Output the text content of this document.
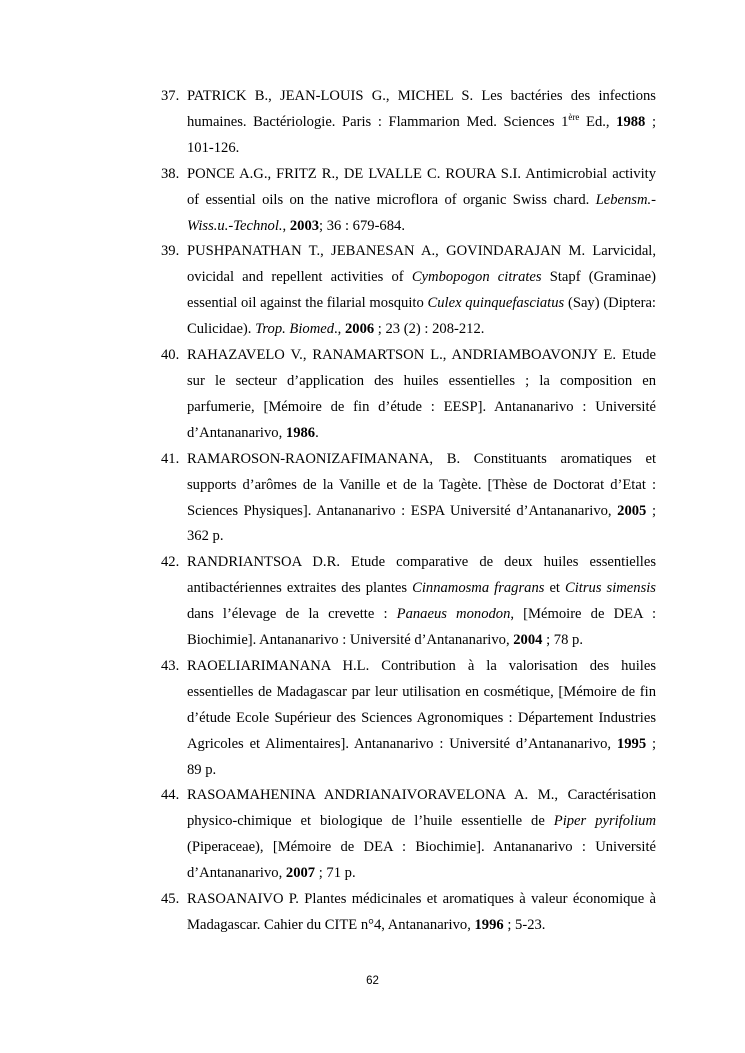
37. PATRICK B., JEAN-LOUIS G., MICHEL S. Les bactéries des infections humaines. Bactériologie. Paris : Flammarion Med. Sciences 1ère Ed., 1988 ; 101-126.
38. PONCE A.G., FRITZ R., DE LVALLE C. ROURA S.I. Antimicrobial activity of essential oils on the native microflora of organic Swiss chard. Lebensm.-Wiss.u.-Technol., 2003; 36 : 679-684.
39. PUSHPANATHAN T., JEBANESAN A., GOVINDARAJAN M. Larvicidal, ovicidal and repellent activities of Cymbopogon citrates Stapf (Graminae) essential oil against the filarial mosquito Culex quinquefasciatus (Say) (Diptera: Culicidae). Trop. Biomed., 2006 ; 23 (2) : 208-212.
40. RAHAZAVELO V., RANAMARTSON L., ANDRIAMBOAVONJY E. Etude sur le secteur d’application des huiles essentielles ; la composition en parfumerie, [Mémoire de fin d’étude : EESP]. Antananarivo : Université d’Antananarivo, 1986.
41. RAMAROSON-RAONIZAFIMANANA, B. Constituants aromatiques et supports d’arômes de la Vanille et de la Tagète. [Thèse de Doctorat d’Etat : Sciences Physiques]. Antananarivo : ESPA Université d’Antananarivo, 2005 ; 362 p.
42. RANDRIANTSOA D.R. Etude comparative de deux huiles essentielles antibactériennes extraites des plantes Cinnamosma fragrans et Citrus simensis dans l’élevage de la crevette : Panaeus monodon, [Mémoire de DEA : Biochimie]. Antananarivo : Université d’Antananarivo, 2004 ; 78 p.
43. RAOELIARIMANANA H.L. Contribution à la valorisation des huiles essentielles de Madagascar par leur utilisation en cosmétique, [Mémoire de fin d’étude Ecole Supérieur des Sciences Agronomiques : Département Industries Agricoles et Alimentaires]. Antananarivo : Université d’Antananarivo, 1995 ; 89 p.
44. RASOAMAHENINA ANDRIANAIVORAVELONA A. M., Caractérisation physico-chimique et biologique de l’huile essentielle de Piper pyrifolium (Piperaceae), [Mémoire de DEA : Biochimie]. Antananarivo : Université d’Antananarivo, 2007 ; 71 p.
45. RASOANAIVO P. Plantes médicinales et aromatiques à valeur économique à Madagascar. Cahier du CITE n°4, Antananarivo, 1996 ; 5-23.
62
